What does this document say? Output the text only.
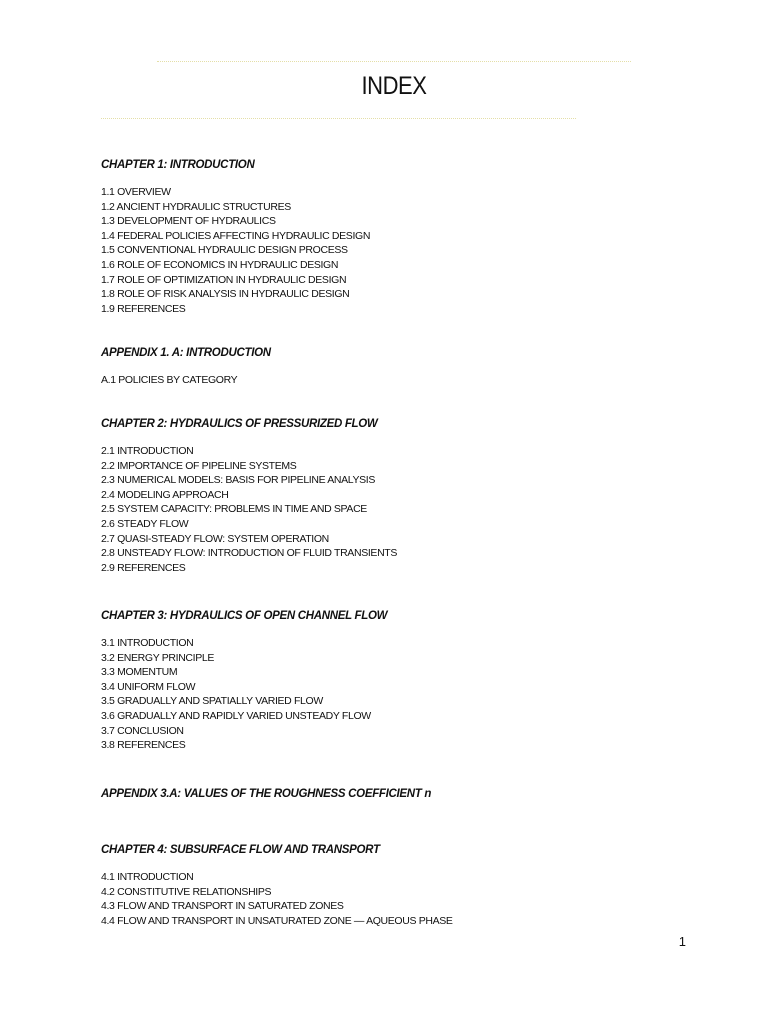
INDEX
CHAPTER 1: INTRODUCTION
1.1 OVERVIEW
1.2 ANCIENT HYDRAULIC STRUCTURES
1.3 DEVELOPMENT OF HYDRAULICS
1.4 FEDERAL POLICIES AFFECTING HYDRAULIC DESIGN
1.5 CONVENTIONAL HYDRAULIC DESIGN PROCESS
1.6 ROLE OF ECONOMICS IN HYDRAULIC DESIGN
1.7 ROLE OF OPTIMIZATION IN HYDRAULIC DESIGN
1.8 ROLE OF RISK ANALYSIS IN HYDRAULIC DESIGN
1.9 REFERENCES
APPENDIX 1. A: INTRODUCTION
A.1 POLICIES BY CATEGORY
CHAPTER 2: HYDRAULICS OF PRESSURIZED FLOW
2.1 INTRODUCTION
2.2 IMPORTANCE OF PIPELINE SYSTEMS
2.3 NUMERICAL MODELS: BASIS FOR PIPELINE ANALYSIS
2.4 MODELING APPROACH
2.5 SYSTEM CAPACITY: PROBLEMS IN TIME AND SPACE
2.6 STEADY FLOW
2.7 QUASI-STEADY FLOW: SYSTEM OPERATION
2.8 UNSTEADY FLOW: INTRODUCTION OF FLUID TRANSIENTS
2.9 REFERENCES
CHAPTER 3: HYDRAULICS OF OPEN CHANNEL FLOW
3.1 INTRODUCTION
3.2 ENERGY PRINCIPLE
3.3 MOMENTUM
3.4 UNIFORM FLOW
3.5 GRADUALLY AND SPATIALLY VARIED FLOW
3.6 GRADUALLY AND RAPIDLY VARIED UNSTEADY FLOW
3.7 CONCLUSION
3.8 REFERENCES
APPENDIX 3.A: VALUES OF THE ROUGHNESS COEFFICIENT n
CHAPTER 4: SUBSURFACE FLOW AND TRANSPORT
4.1 INTRODUCTION
4.2 CONSTITUTIVE RELATIONSHIPS
4.3 FLOW AND TRANSPORT IN SATURATED ZONES
4.4 FLOW AND TRANSPORT IN UNSATURATED ZONE — AQUEOUS PHASE
1
